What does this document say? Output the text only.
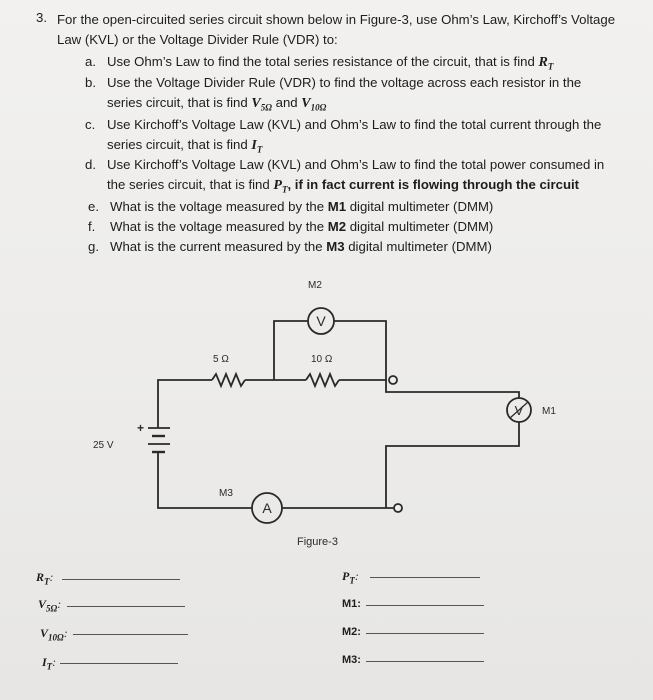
3. For the open-circuited series circuit shown below in Figure-3, use Ohm’s Law, Kirchoff’s Voltage Law (KVL) or the Voltage Divider Rule (VDR) to:
a. Use Ohm’s Law to find the total series resistance of the circuit, that is find $R_T$
b. Use the Voltage Divider Rule (VDR) to find the voltage across each resistor in the series circuit, that is find $V_{5\Omega}$ and $V_{10\Omega}$
c. Use Kirchoff’s Voltage Law (KVL) and Ohm’s Law to find the total current through the series circuit, that is find $I_T$
d. Use Kirchoff’s Voltage Law (KVL) and Ohm’s Law to find the total power consumed in the series circuit, that is find $P_T$, if in fact current is flowing through the circuit
e. What is the voltage measured by the M1 digital multimeter (DMM)
f. What is the voltage measured by the M2 digital multimeter (DMM)
g. What is the current measured by the M3 digital multimeter (DMM)
M2
V
V M1
A
M3
5 Ω	10 Ω
25 V
+
Figure-3
$R_T$:
$V_{5\Omega}$:
$V_{10\Omega}$:
$I_T$:
$P_T$:
M1:
M2:
M3:
